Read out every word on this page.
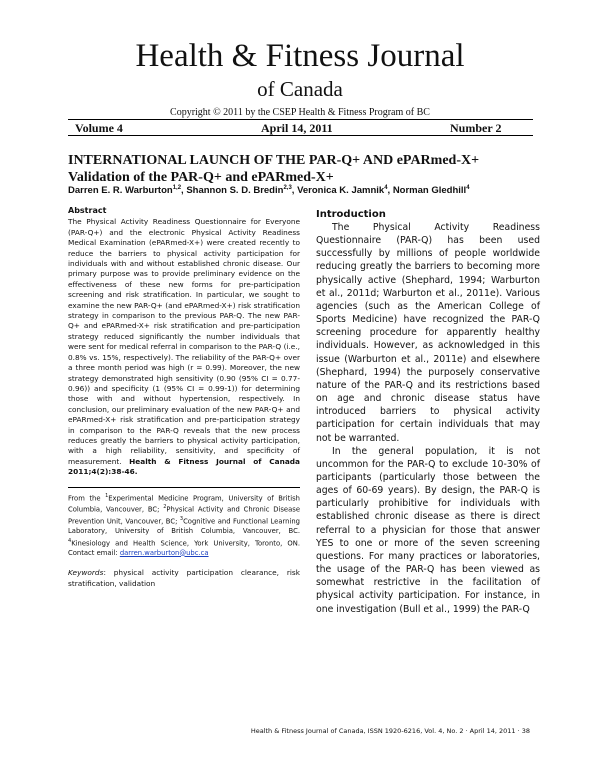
Health & Fitness Journal
of Canada
Copyright © 2011 by the CSEP Health & Fitness Program of BC
Volume 4	April 14, 2011	Number 2
INTERNATIONAL LAUNCH OF THE PAR-Q+ AND ePARmed-X+
Validation of the PAR-Q+ and ePARmed-X+
Darren E. R. Warburton$^{1,2}$, Shannon S. D. Bredin$^{2,3}$, Veronica K. Jamnik$^4$, Norman Gledhill$^4$
Abstract
The Physical Activity Readiness Questionnaire for Everyone (PAR-Q+) and the electronic Physical Activity Readiness Medical Examination (ePARmed-X+) were created recently to reduce the barriers to physical activity participation for individuals with and without established chronic disease. Our primary purpose was to provide preliminary evidence on the effectiveness of these new forms for pre-participation screening and risk stratification. In particular, we sought to examine the new PAR-Q+ (and ePARmed-X+) risk stratification strategy in comparison to the previous PAR-Q. The new PAR-Q+ and ePARmed-X+ risk stratification and pre-participation strategy reduced significantly the number individuals that were sent for medical referral in comparison to the PAR-Q (i.e., 0.8% vs. 15%, respectively). The reliability of the PAR-Q+ over a three month period was high (r = 0.99). Moreover, the new strategy demonstrated high sensitivity (0.90 (95% CI = 0.77-0.96)) and specificity (1 (95% CI = 0.99-1)) for determining those with and without hypertension, respectively. In conclusion, our preliminary evaluation of the new PAR-Q+ and ePARmed-X+ risk stratification and pre-participation strategy in comparison to the PAR-Q reveals that the new process reduces greatly the barriers to physical activity participation, with a high reliability, sensitivity, and specificity of measurement. Health & Fitness Journal of Canada 2011;4(2):38-46.
From the $^1$Experimental Medicine Program, University of British Columbia, Vancouver, BC; $^2$Physical Activity and Chronic Disease Prevention Unit, Vancouver, BC; $^3$Cognitive and Functional Learning Laboratory, University of British Columbia, Vancouver, BC. $^4$Kinesiology and Health Science, York University, Toronto, ON. Contact email: darren.warburton@ubc.ca
Keywords: physical activity participation clearance, risk stratification, validation
Introduction

The Physical Activity Readiness Questionnaire (PAR-Q) has been used successfully by millions of people worldwide reducing greatly the barriers to becoming more physically active (Shephard, 1994; Warburton et al., 2011d; Warburton et al., 2011e). Various agencies (such as the American College of Sports Medicine) have recognized the PAR-Q screening procedure for apparently healthy individuals. However, as acknowledged in this issue (Warburton et al., 2011e) and elsewhere (Shephard, 1994) the purposely conservative nature of the PAR-Q and its restrictions based on age and chronic disease status have introduced barriers to physical activity participation for certain individuals that may not be warranted.

In the general population, it is not uncommon for the PAR-Q to exclude 10-30% of participants (particularly those between the ages of 60-69 years). By design, the PAR-Q is particularly prohibitive for individuals with established chronic disease as there is direct referral to a physician for those that answer YES to one or more of the seven screening questions. For many practices or laboratories, the usage of the PAR-Q has been viewed as somewhat restrictive in the facilitation of physical activity participation. For instance, in one investigation (Bull et al., 1999) the PAR-Q

Health & Fitness Journal of Canada, ISSN 1920-6216, Vol. 4, No. 2 · April 14, 2011 · 38
